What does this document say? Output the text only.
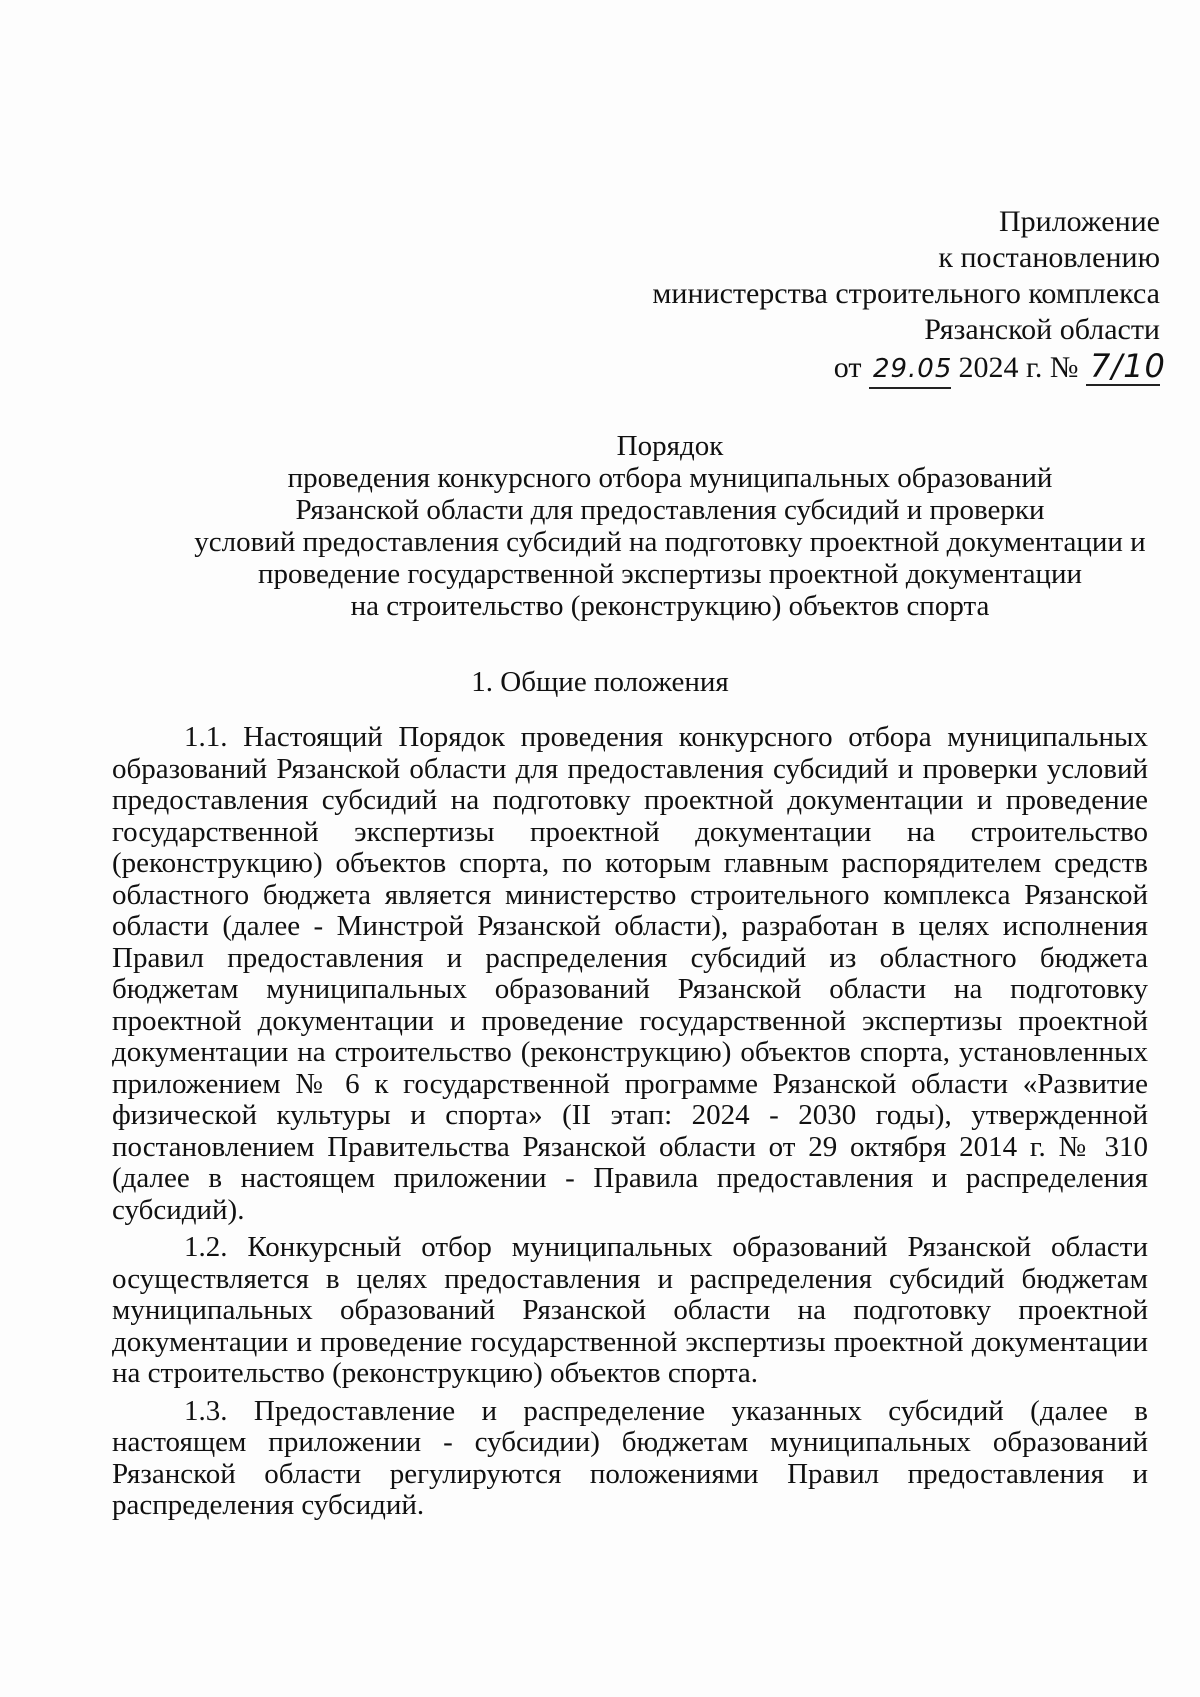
Приложение
к постановлению
министерства строительного комплекса
Рязанской области
от 29.05 2024 г. № 7/10
Порядок
проведения конкурсного отбора муниципальных образований
Рязанской области для предоставления субсидий и проверки
условий предоставления субсидий на подготовку проектной документации и
проведение государственной экспертизы проектной документации
на строительство (реконструкцию) объектов спорта
1. Общие положения

1.1. Настоящий Порядок проведения конкурсного отбора муниципальных образований Рязанской области для предоставления субсидий и проверки условий предоставления субсидий на подготовку проектной документации и проведение государственной экспертизы проектной документации на строительство (реконструкцию) объектов спорта, по которым главным распорядителем средств областного бюджета является министерство строительного комплекса Рязанской области (далее - Минстрой Рязанской области), разработан в целях исполнения Правил предоставления и распределения субсидий из областного бюджета бюджетам муниципальных образований Рязанской области на подготовку проектной документации и проведение государственной экспертизы проектной документации на строительство (реконструкцию) объектов спорта, установленных приложением № 6 к государственной программе Рязанской области «Развитие физической культуры и спорта» (II этап: 2024 - 2030 годы), утвержденной постановлением Правительства Рязанской области от 29 октября 2014 г. № 310 (далее в настоящем приложении - Правила предоставления и распределения субсидий).

1.2. Конкурсный отбор муниципальных образований Рязанской области осуществляется в целях предоставления и распределения субсидий бюджетам муниципальных образований Рязанской области на подготовку проектной документации и проведение государственной экспертизы проектной документации на строительство (реконструкцию) объектов спорта.

1.3. Предоставление и распределение указанных субсидий (далее в настоящем приложении - субсидии) бюджетам муниципальных образований Рязанской области регулируются положениями Правил предоставления и распределения субсидий.
